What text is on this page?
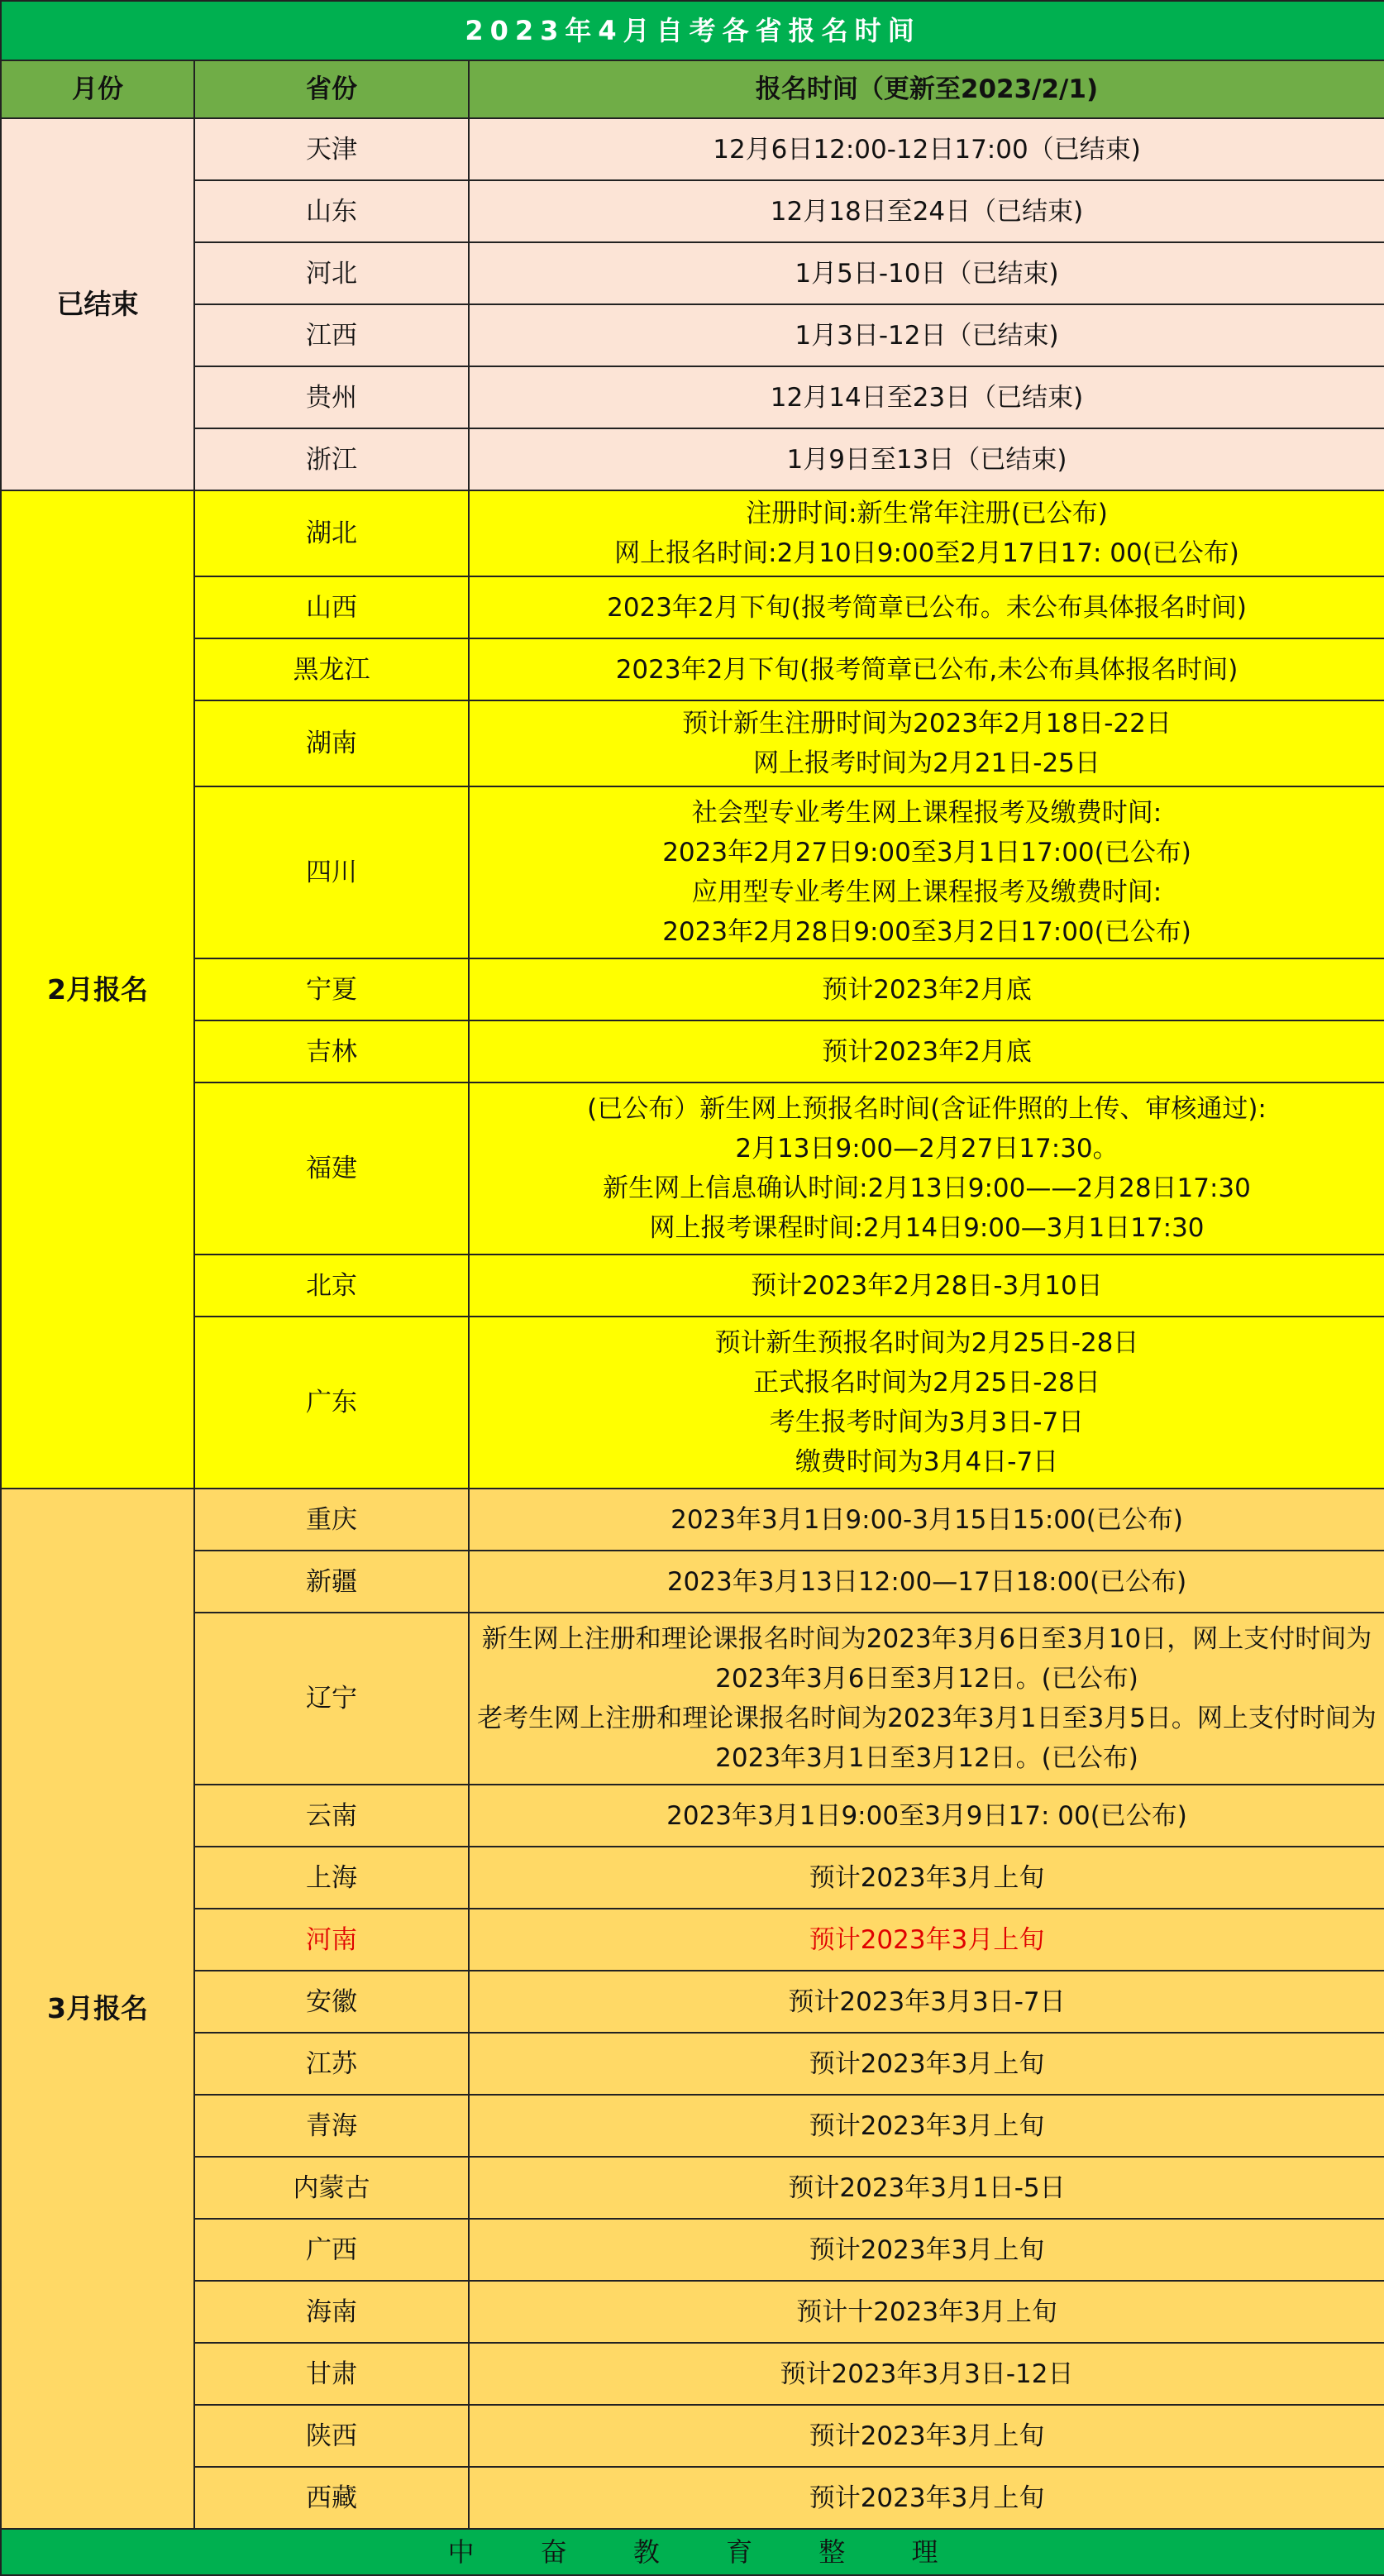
2023年4月自考各省报名时间		
月份	省份	报名时间（更新至2023/2/1)
已结束	天津	12月6日12:00-12日17:00（已结束)
	山东	12月18日至24日（已结束)
	河北	1月5日-10日（已结束)
	江西	1月3日-12日（已结束)
	贵州	12月14日至23日（已结束)
	浙江	1月9日至13日（已结束)
2月报名	湖北	注册时间:新生常年注册(已公布)
网上报名时间:2月10日9:00至2月17日17: 00(已公布)
	山西	2023年2月下旬(报考简章已公布。未公布具体报名时间)
	黑龙江	2023年2月下旬(报考简章已公布,未公布具体报名时间)
	湖南	预计新生注册时间为2023年2月18日-22日
网上报考时间为2月21日-25日
	四川	社会型专业考生网上课程报考及缴费时间:
2023年2月27日9:00至3月1日17:00(已公布)
应用型专业考生网上课程报考及缴费时间:
2023年2月28日9:00至3月2日17:00(已公布)
	宁夏	预计2023年2月底
	吉林	预计2023年2月底
	福建	(已公布）新生网上预报名时间(含证件照的上传、审核通过):
2月13日9:00—2月27日17:30。
新生网上信息确认时间:2月13日9:00——2月28日17:30
网上报考课程时间:2月14日9:00—3月1日17:30
	北京	预计2023年2月28日-3月10日
	广东	预计新生预报名时间为2月25日-28日
正式报名时间为2月25日-28日
考生报考时间为3月3日-7日
缴费时间为3月4日-7日
3月报名	重庆	2023年3月1日9:00-3月15日15:00(已公布)
	新疆	2023年3月13日12:00—17日18:00(已公布)
	辽宁	新生网上注册和理论课报名时间为2023年3月6日至3月10日，网上支付时间为2023年3月6日至3月12日。(已公布)
老考生网上注册和理论课报名时间为2023年3月1日至3月5日。网上支付时间为2023年3月1日至3月12日。(已公布)
	云南	2023年3月1日9:00至3月9日17: 00(已公布)
	上海	预计2023年3月上旬
	河南	预计2023年3月上旬
	安徽	预计2023年3月3日-7日
	江苏	预计2023年3月上旬
	青海	预计2023年3月上旬
	内蒙古	预计2023年3月1日-5日
	广西	预计2023年3月上旬
	海南	预计十2023年3月上旬
	甘肃	预计2023年3月3日-12日
	陕西	预计2023年3月上旬
	西藏	预计2023年3月上旬
中 奋 教 育 整 理		
